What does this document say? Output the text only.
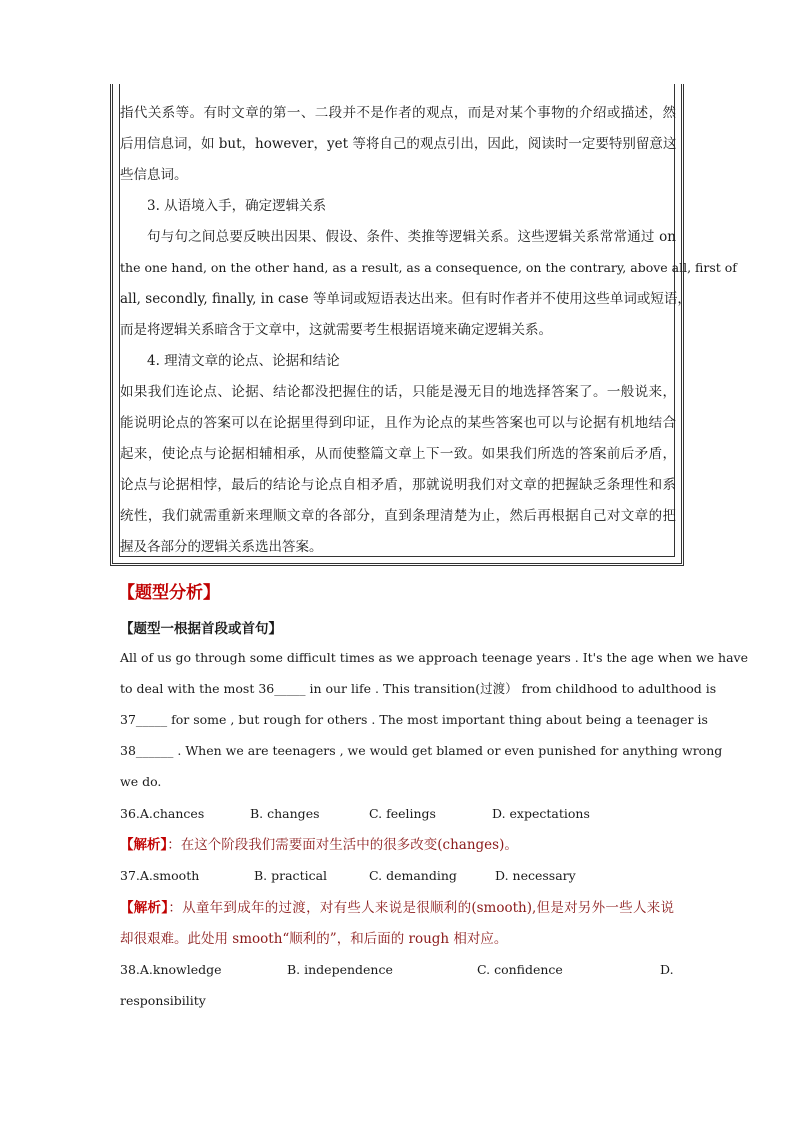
指代关系等。有时文章的第一、二段并不是作者的观点，而是对某个事物的介绍或描述，然
后用信息词，如 but，however，yet 等将自己的观点引出，因此，阅读时一定要特别留意这
些信息词。
3. 从语境入手，确定逻辑关系
句与句之间总要反映出因果、假设、条件、类推等逻辑关系。这些逻辑关系常常通过 on
the one hand, on the other hand, as a result, as a consequence, on the contrary, above all, first of
all, secondly, finally, in case 等单词或短语表达出来。但有时作者并不使用这些单词或短语，
而是将逻辑关系暗含于文章中，这就需要考生根据语境来确定逻辑关系。
4. 理清文章的论点、论据和结论
如果我们连论点、论据、结论都没把握住的话，只能是漫无目的地选择答案了。一般说来，
能说明论点的答案可以在论据里得到印证，且作为论点的某些答案也可以与论据有机地结合
起来，使论点与论据相辅相承，从而使整篇文章上下一致。如果我们所选的答案前后矛盾，
论点与论据相悖，最后的结论与论点自相矛盾，那就说明我们对文章的把握缺乏条理性和系
统性，我们就需重新来理顺文章的各部分，直到条理清楚为止，然后再根据自己对文章的把
握及各部分的逻辑关系选出答案。
【题型分析】
【题型一根据首段或首句】
All of us go through some difficult times as we approach teenage years . It's the age when we have
to deal with the most 36_____ in our life . This transition(过渡） from childhood to adulthood is
37_____ for some , but rough for others . The most important thing about being a teenager is
38______ . When we are teenagers , we would get blamed or even punished for anything wrong
we do.
36.A.chances	B. changes	C. feelings	D. expectations
【解析】：在这个阶段我们需要面对生活中的很多改变(changes)。
37.A.smooth	B. practical	C. demanding	D. necessary
【解析】：从童年到成年的过渡，对有些人来说是很顺利的(smooth),但是对另外一些人来说
却很艰难。此处用 smooth“顺利的”，和后面的 rough 相对应。
38.A.knowledge	B. independence	C. confidence	D.
responsibility
